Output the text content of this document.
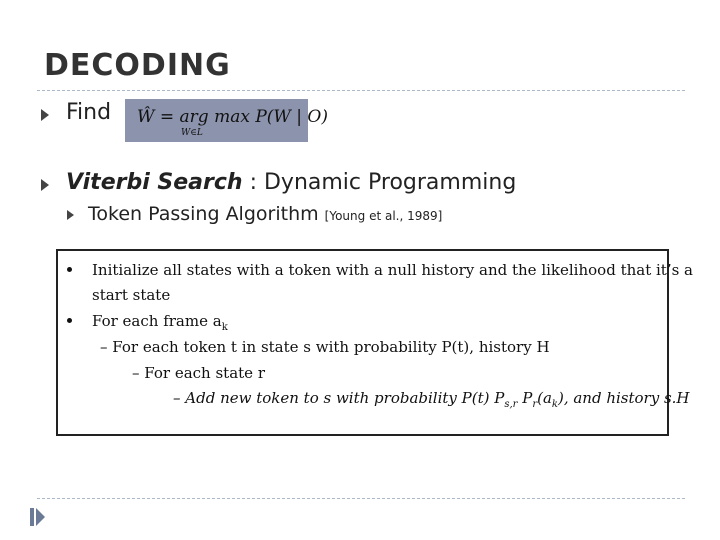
DECODING
Find Ŵ = arg max P(W | O)
W∈L
Viterbi Search : Dynamic Programming
Token Passing Algorithm [Young et al., 1989]
Initialize all states with a token with a null history and the likelihood that it’s a
start state
For each frame $a_k$
– For each token t in state s with probability P(t), history H
– For each state r
– Add new token to s with probability P(t) $P_{s,r}$ $P_r(a_k)$, and history s.H
